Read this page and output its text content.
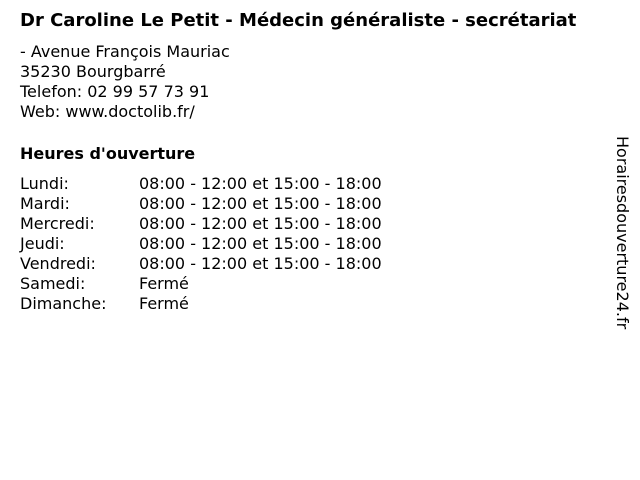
Dr Caroline Le Petit - Médecin généraliste - secrétariat
- Avenue François Mauriac
35230 Bourgbarré
Telefon: 02 99 57 73 91
Web: www.doctolib.fr/
Heures d'ouverture
Lundi:	08:00 - 12:00 et 15:00 - 18:00
Mardi:	08:00 - 12:00 et 15:00 - 18:00
Mercredi:	08:00 - 12:00 et 15:00 - 18:00
Jeudi:	08:00 - 12:00 et 15:00 - 18:00
Vendredi:	08:00 - 12:00 et 15:00 - 18:00
Samedi:	Fermé
Dimanche:	Fermé	Horairesdouverture24.fr
